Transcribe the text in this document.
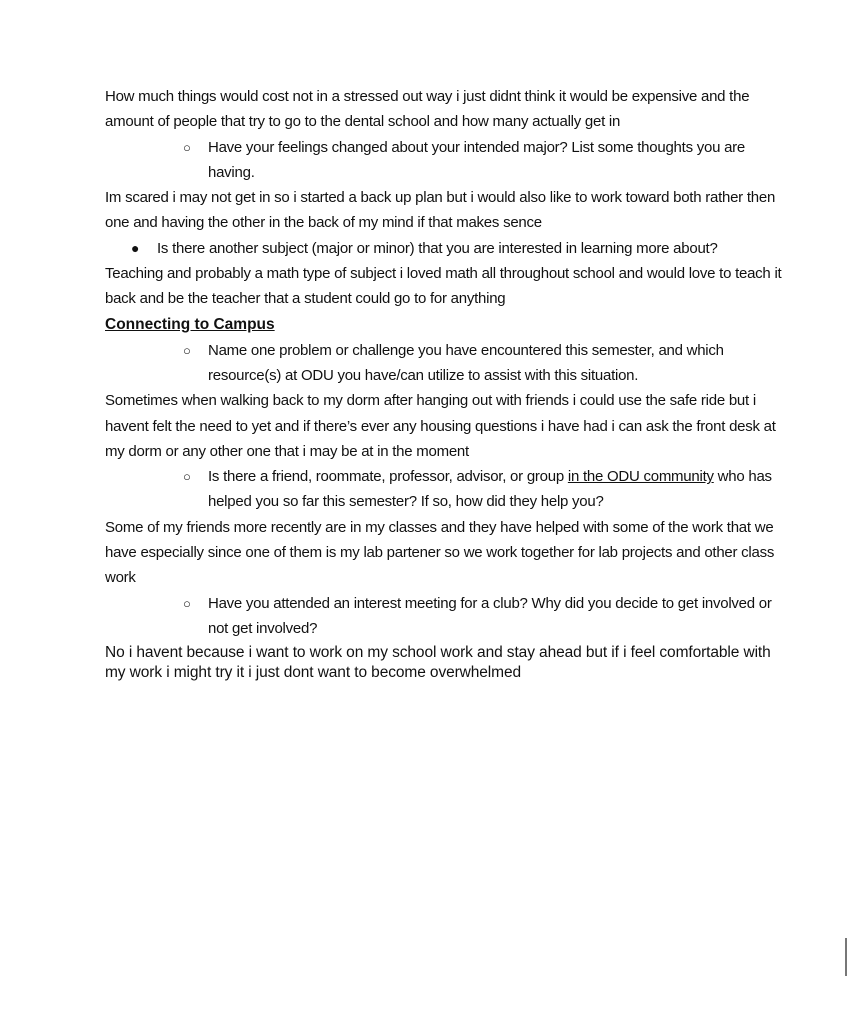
How much things would cost not in a stressed out way i just didnt think it would be expensive and the amount of people that try to go to the dental school and how many actually get in

○ Have your feelings changed about your intended major? List some thoughts you are having.

Im scared i may not get in so i started a back up plan but i would also like to work toward both rather then one and having the other in the back of my mind if that makes sence

● Is there another subject (major or minor) that you are interested in learning more about?

Teaching and probably a math type of subject i loved math all throughout school and would love to teach it back and be the teacher that a student could go to for anything

Connecting to Campus

○ Name one problem or challenge you have encountered this semester, and which resource(s) at ODU you have/can utilize to assist with this situation.

Sometimes when walking back to my dorm after hanging out with friends i could use the safe ride but i havent felt the need to yet and if there’s ever any housing questions i have had i can ask the front desk at my dorm or any other one that i may be at in the moment

○ Is there a friend, roommate, professor, advisor, or group in the ODU community who has helped you so far this semester? If so, how did they help you?

Some of my friends more recently are in my classes and they have helped with some of the work that we have especially since one of them is my lab partener so we work together for lab projects and other class work

○ Have you attended an interest meeting for a club? Why did you decide to get involved or not get involved?

No i havent because i want to work on my school work and stay ahead but if i feel comfortable with my work i might try it i just dont want to become overwhelmed
